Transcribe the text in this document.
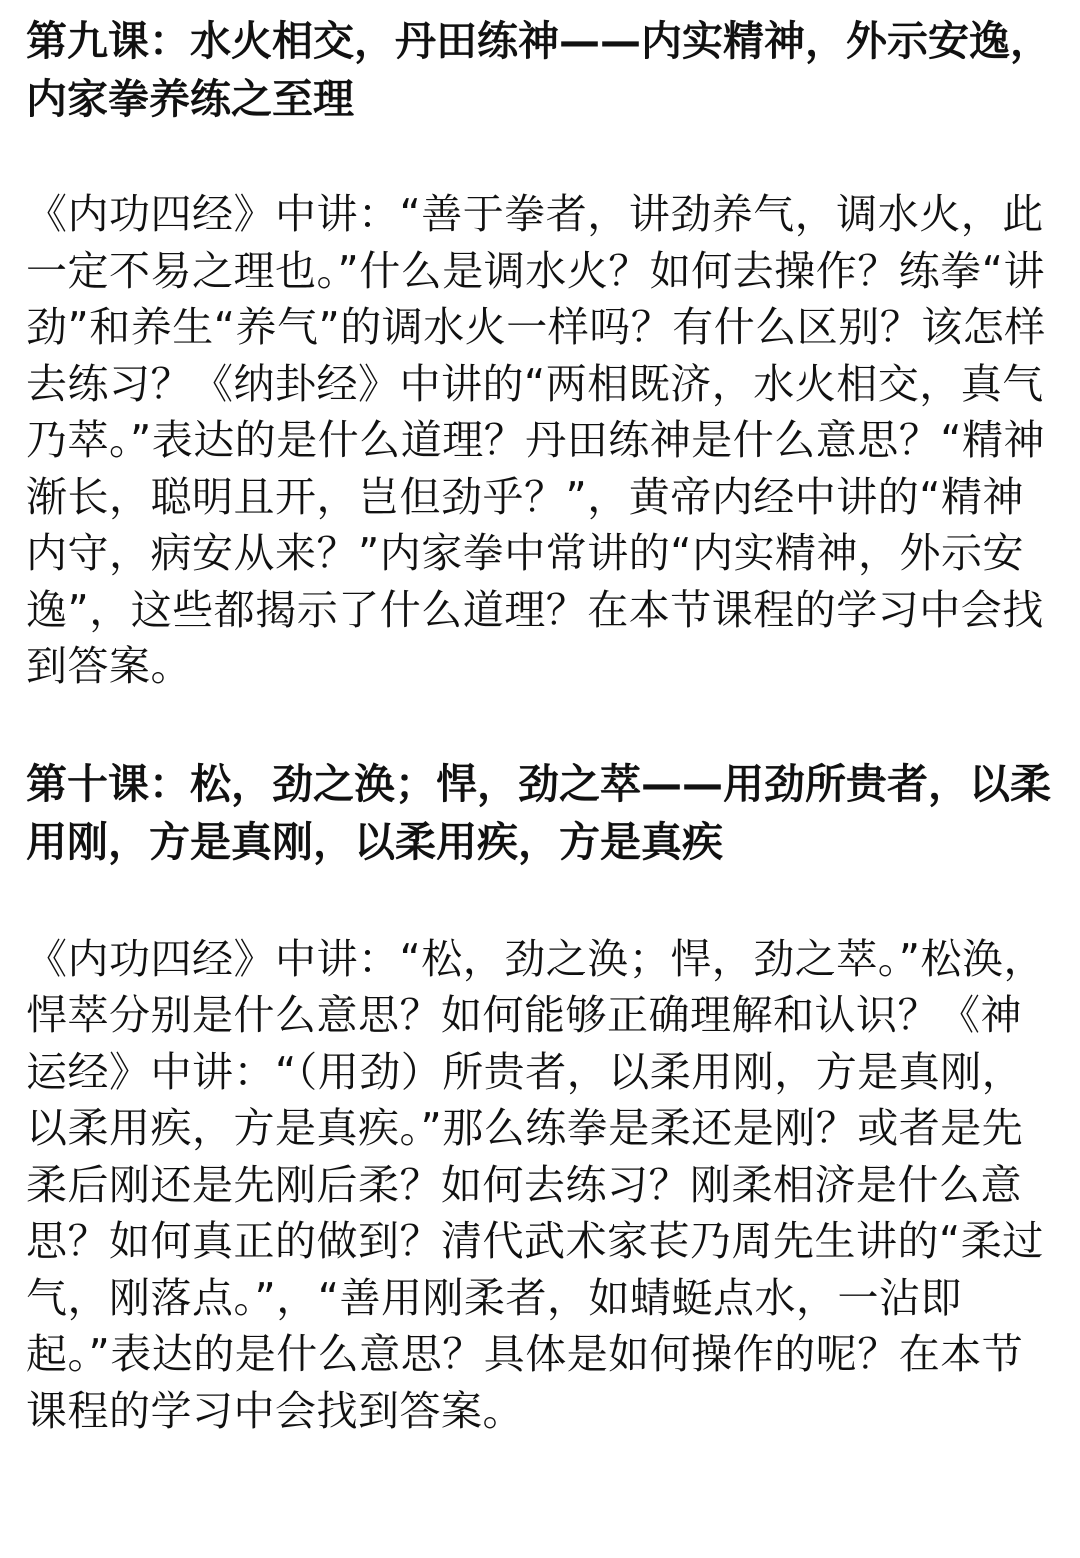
第九课：水火相交，丹田练神——内实精神，外示安逸，内家拳养练之至理

《内功四经》中讲：“善于拳者，讲劲养气，调水火，此一定不易之理也。”什么是调水火？如何去操作？练拳“讲劲”和养生“养气”的调水火一样吗？有什么区别？该怎样去练习？《纳卦经》中讲的“两相既济，水火相交，真气乃萃。”表达的是什么道理？丹田练神是什么意思？“精神渐长，聪明且开，岂但劲乎？”，黄帝内经中讲的“精神内守，病安从来？”内家拳中常讲的“内实精神，外示安逸”，这些都揭示了什么道理？在本节课程的学习中会找到答案。

第十课：松，劲之涣；悍，劲之萃——用劲所贵者，以柔用刚，方是真刚，以柔用疾，方是真疾

《内功四经》中讲：“松，劲之涣；悍，劲之萃。”松涣，悍萃分别是什么意思？如何能够正确理解和认识？《神运经》中讲：“（用劲）所贵者，以柔用刚，方是真刚，以柔用疾，方是真疾。”那么练拳是柔还是刚？或者是先柔后刚还是先刚后柔？如何去练习？刚柔相济是什么意思？如何真正的做到？清代武术家苌乃周先生讲的“柔过气，刚落点。”，“善用刚柔者，如蜻蜓点水，一沾即起。”表达的是什么意思？具体是如何操作的呢？在本节课程的学习中会找到答案。
